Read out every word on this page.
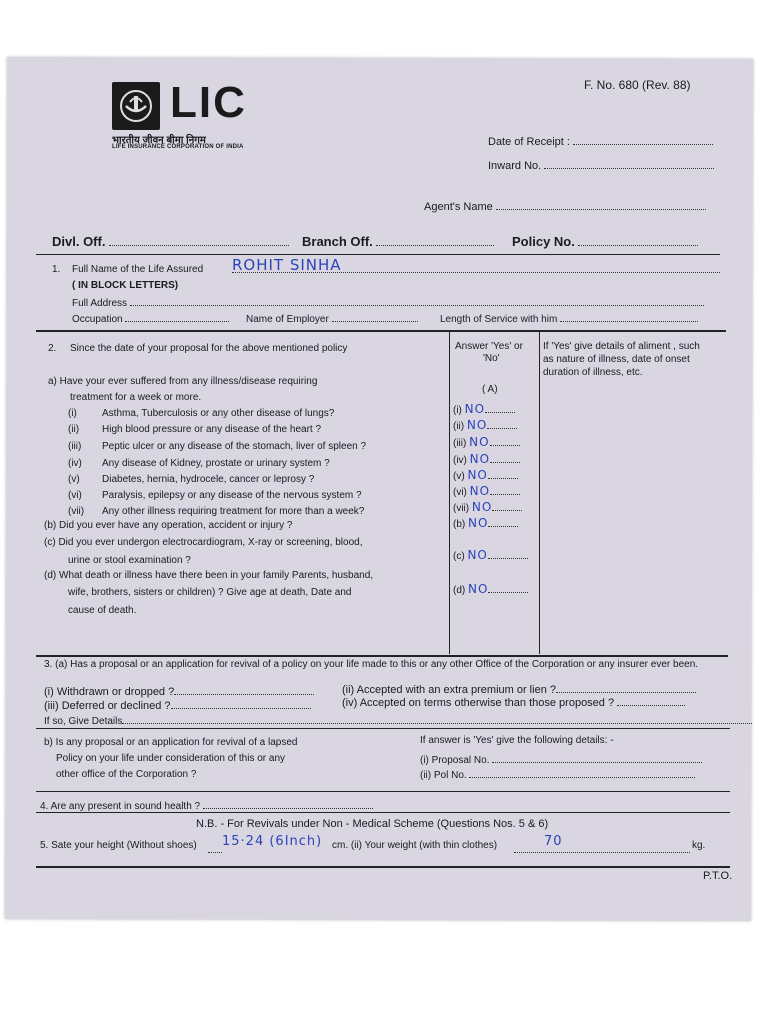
F. No. 680 (Rev. 88)
LIC
भारतीय जीवन बीमा निगम
LIFE INSURANCE CORPORATION OF INDIA	Date of Receipt :
Inward No.
Agent's Name
Divl. Off.	Branch Off.	Policy No.
1. Full Name of the Life Assured ROHIT SINHA
( IN BLOCK LETTERS)
Full Address
Occupation	Name of Employer	Length of Service with him
2. Since the date of your proposal for the above mentioned policy	Answer 'Yes' or
'No'
If 'Yes' give details of aliment , such
as nature of illness, date of onset
duration of illness, etc.
a) Have your ever suffered from any illness/disease requiring
treatment for a week or more.
( A)
(i)	Asthma, Tuberculosis or any other disease of lungs?	(i) NO
(ii) High blood pressure or any disease of the heart ?	(ii) NO
(iii) Peptic ulcer or any disease of the stomach, liver of spleen ?	(iii) NO
(iv) Any disease of Kidney, prostate or urinary system ?	(iv) NO
(v) Diabetes, hernia, hydrocele, cancer or leprosy ?	(v) NO
(vi) Paralysis, epilepsy or any disease of the nervous system ?	(vi) NO
(vii) Any other illness requiring treatment for more than a week?	(vii) NO
(b) Did you ever have any operation, accident or injury ?	(b) NO
(c) Did you ever undergon electrocardiogram, X-ray or screening, blood,
urine or stool examination ?	(c) NO
(d) What death or illness have there been in your family Parents, husband,
wife, brothers, sisters or children) ? Give age at death, Date and
cause of death.
(d) NO
3. (a) Has a proposal or an application for revival of a policy on your life made to this or any other Office of the Corporation or any insurer ever been.
(i) Withdrawn or dropped ?	(ii) Accepted with an extra premium or lien ?
(iii) Deferred or declined ?	(iv) Accepted on terms otherwise than those proposed ?
If so, Give Details
b) Is any proposal or an application for revival of a lapsed
Policy on your life under consideration of this or any
other office of the Corporation ?
If answer is 'Yes' give the following details: -
(i) Proposal No.
(ii) Pol No.
4. Are any present in sound health ?
N.B. - For Revivals under Non - Medical Scheme (Questions Nos. 5 & 6)
5. Sate your height (Without shoes) 15·24 (6Inch) cm. (ii) Your weight (with thin clothes)	70	kg.
P.T.O.
